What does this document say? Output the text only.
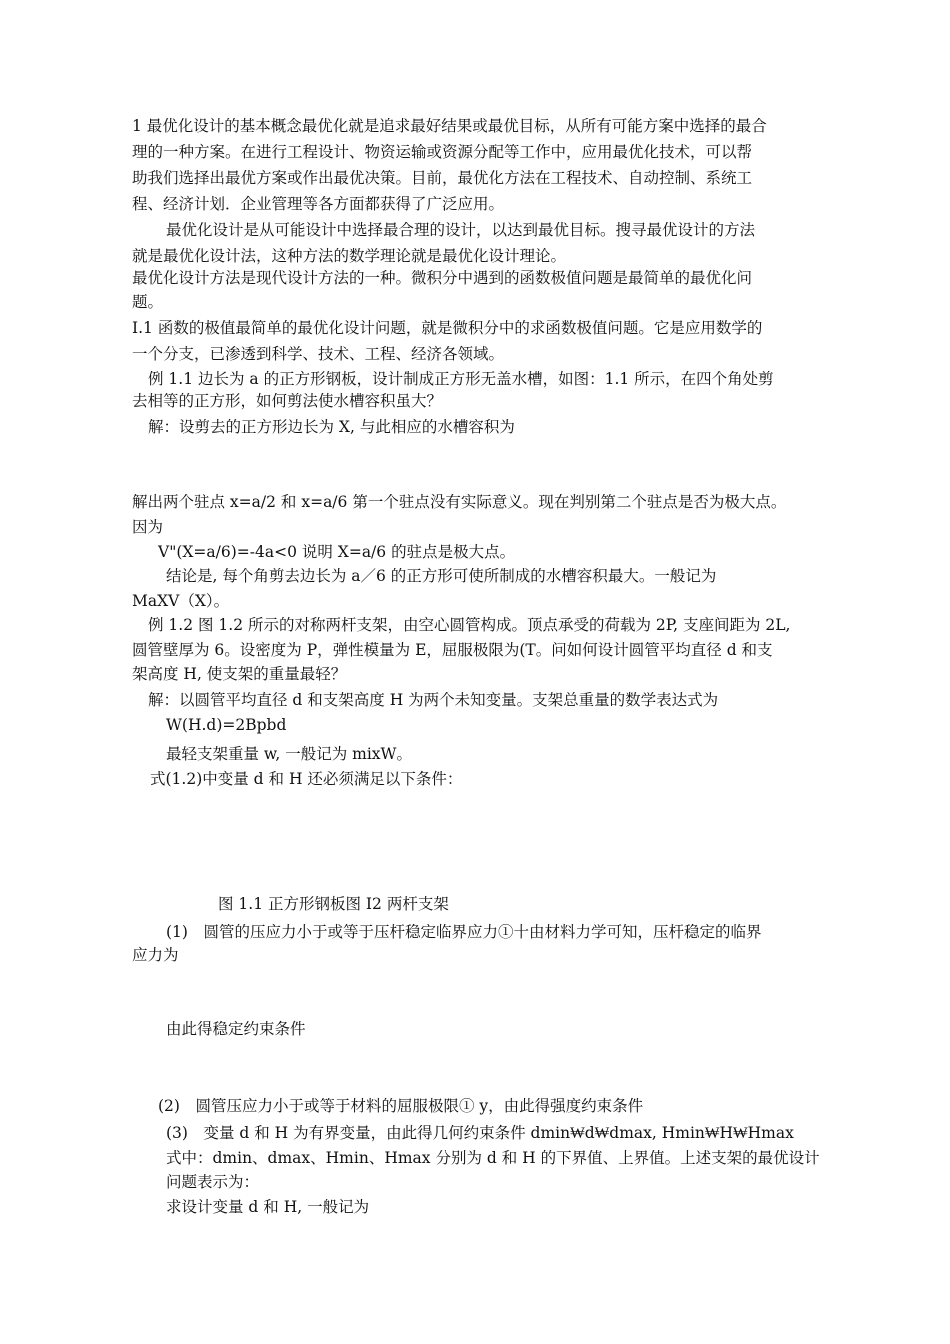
1 最优化设计的基本概念最优化就是追求最好结果或最优目标，从所有可能方案中选择的最合
理的一种方案。在进行工程设计、物资运输或资源分配等工作中，应用最优化技术，可以帮
助我们选择出最优方案或作出最优决策。目前，最优化方法在工程技术、自动控制、系统工
程、经济计划．企业管理等各方面都获得了广泛应用。
最优化设计是从可能设计中选择最合理的设计，以达到最优目标。搜寻最优设计的方法
就是最优化设计法，这种方法的数学理论就是最优化设计理论。
最优化设计方法是现代设计方法的一种。微积分中遇到的函数极值问题是最简单的最优化问
题。
I.1 函数的极值最简单的最优化设计问题，就是微积分中的求函数极值问题。它是应用数学的
一个分支，已渗透到科学、技术、工程、经济各领域。
例 1.1 边长为 a 的正方形钢板，设计制成正方形无盖水槽，如图：1.1 所示，在四个角处剪
去相等的正方形，如何剪法使水槽容积虽大？
解：设剪去的正方形边长为 X, 与此相应的水槽容积为
解出两个驻点 x=a/2 和 x=a/6 第一个驻点没有实际意义。现在判别第二个驻点是否为极大点。
因为
V"(X=a/6)=-4a<0 说明 X=a/6 的驻点是极大点。
结论是, 每个角剪去边长为 a／6 的正方形可使所制成的水槽容积最大。一般记为
MaXV（X）。
例 1.2 图 1.2 所示的对称两杆支架，由空心圆管构成。顶点承受的荷载为 2P, 支座间距为 2L,
圆管壁厚为 6。设密度为 P，弹性模量为 E，屈服极限为(T。问如何设计圆管平均直径 d 和支
架高度 H, 使支架的重量最轻？
解：以圆管平均直径 d 和支架高度 H 为两个未知变量。支架总重量的数学表达式为
W(H.d)=2Bpbd
最轻支架重量 w, 一般记为 mixW。
式(1.2)中变量 d 和 H 还必须满足以下条件：
图 1.1 正方形钢板图 I2 两杆支架
(1)　圆管的压应力小于或等于压杆稳定临界应力①十由材料力学可知，压杆稳定的临界
应力为
由此得稳定约束条件
(2)　圆管压应力小于或等于材料的屈服极限① y，由此得强度约束条件
(3)　变量 d 和 H 为有界变量，由此得几何约束条件 dmin₩d₩dmax, Hmin₩H₩Hmax
式中：dmin、dmax、Hmin、Hmax 分别为 d 和 H 的下界值、上界值。上述支架的最优设计
问题表示为：
求设计变量 d 和 H, 一般记为
